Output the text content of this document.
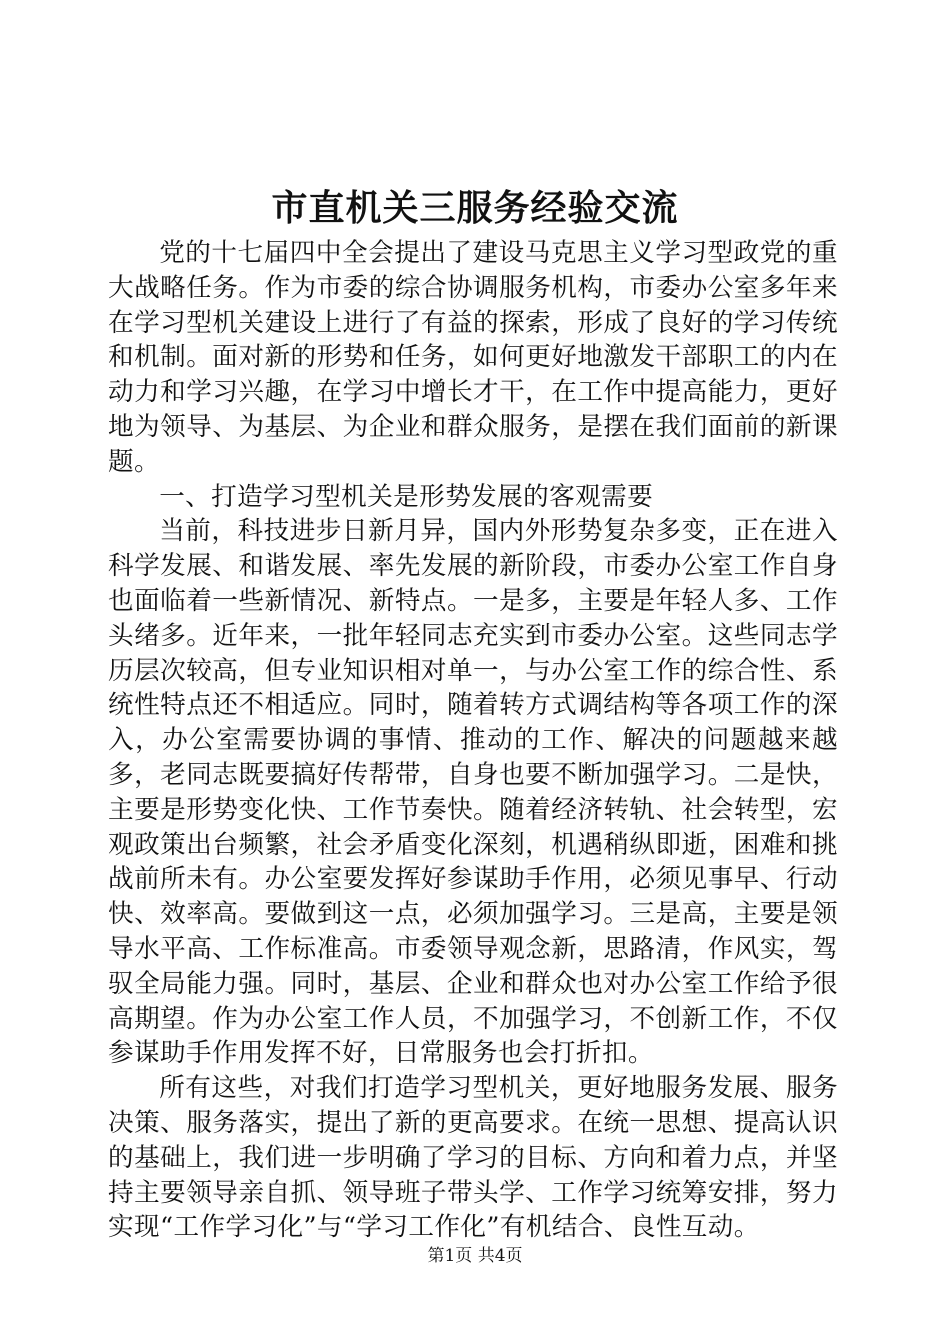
市直机关三服务经验交流

党的十七届四中全会提出了建设马克思主义学习型政党的重大战略任务。作为市委的综合协调服务机构，市委办公室多年来在学习型机关建设上进行了有益的探索，形成了良好的学习传统和机制。面对新的形势和任务，如何更好地激发干部职工的内在动力和学习兴趣，在学习中增长才干，在工作中提高能力，更好地为领导、为基层、为企业和群众服务，是摆在我们面前的新课题。

一、打造学习型机关是形势发展的客观需要

当前，科技进步日新月异，国内外形势复杂多变，正在进入科学发展、和谐发展、率先发展的新阶段，市委办公室工作自身也面临着一些新情况、新特点。一是多，主要是年轻人多、工作头绪多。近年来，一批年轻同志充实到市委办公室。这些同志学历层次较高，但专业知识相对单一，与办公室工作的综合性、系统性特点还不相适应。同时，随着转方式调结构等各项工作的深入，办公室需要协调的事情、推动的工作、解决的问题越来越多，老同志既要搞好传帮带，自身也要不断加强学习。二是快，主要是形势变化快、工作节奏快。随着经济转轨、社会转型，宏观政策出台频繁，社会矛盾变化深刻，机遇稍纵即逝，困难和挑战前所未有。办公室要发挥好参谋助手作用，必须见事早、行动快、效率高。要做到这一点，必须加强学习。三是高，主要是领导水平高、工作标准高。市委领导观念新，思路清，作风实，驾驭全局能力强。同时，基层、企业和群众也对办公室工作给予很高期望。作为办公室工作人员，不加强学习，不创新工作，不仅参谋助手作用发挥不好，日常服务也会打折扣。

所有这些，对我们打造学习型机关，更好地服务发展、服务决策、服务落实，提出了新的更高要求。在统一思想、提高认识的基础上，我们进一步明确了学习的目标、方向和着力点，并坚持主要领导亲自抓、领导班子带头学、工作学习统筹安排，努力实现“工作学习化”与“学习工作化”有机结合、良性互动。

第1页 共4页
